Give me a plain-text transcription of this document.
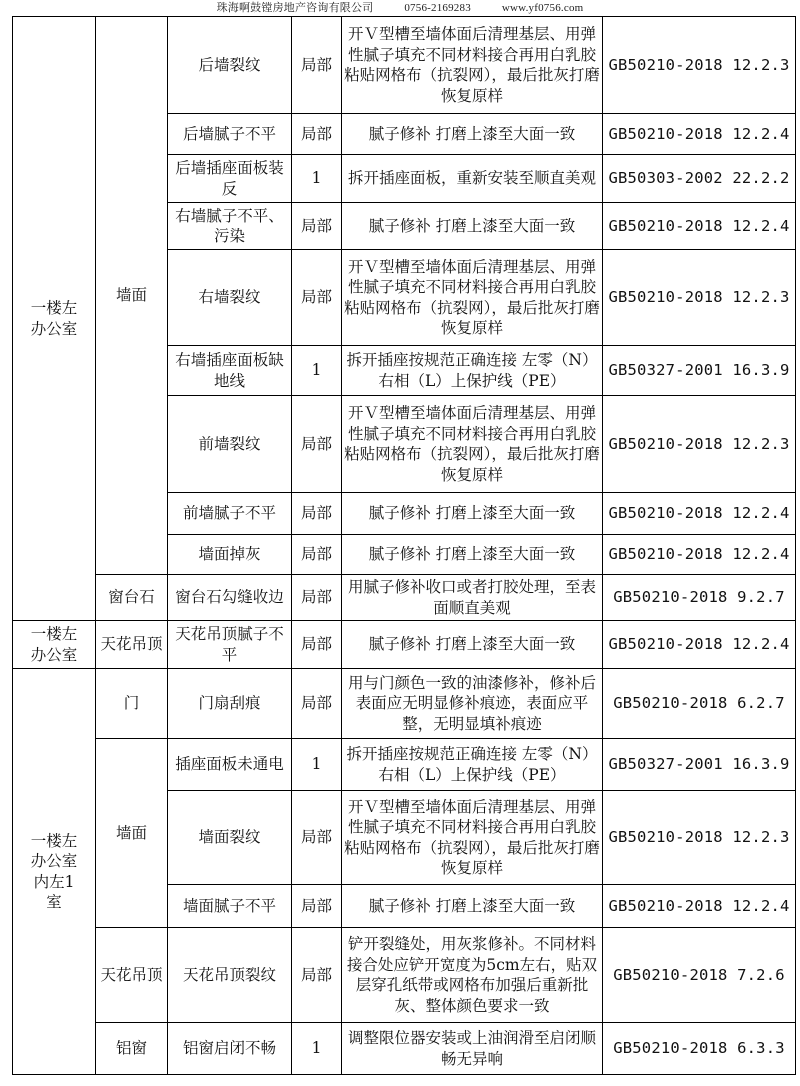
珠海啊鼓镗房地产咨询有限公司	0756-2169283	www.yf0756.com
一楼左办公室	墙面	后墙裂纹	局部	开Ｖ型槽至墙体面后清理基层、用弹性腻子填充不同材料接合再用白乳胶粘贴网格布（抗裂网），最后批灰打磨恢复原样	GB50210-2018 12.2.3
		后墙腻子不平	局部	腻子修补 打磨上漆至大面一致	GB50210-2018 12.2.4
		后墙插座面板装反	1	拆开插座面板，重新安装至顺直美观	GB50303-2002 22.2.2
		右墙腻子不平、污染	局部	腻子修补 打磨上漆至大面一致	GB50210-2018 12.2.4
		右墙裂纹	局部	开Ｖ型槽至墙体面后清理基层、用弹性腻子填充不同材料接合再用白乳胶粘贴网格布（抗裂网），最后批灰打磨恢复原样	GB50210-2018 12.2.3
		右墙插座面板缺地线	1	拆开插座按规范正确连接 左零（N）右相（L）上保护线（PE）	GB50327-2001 16.3.9
		前墙裂纹	局部	开Ｖ型槽至墙体面后清理基层、用弹性腻子填充不同材料接合再用白乳胶粘贴网格布（抗裂网），最后批灰打磨恢复原样	GB50210-2018 12.2.3
		前墙腻子不平	局部	腻子修补 打磨上漆至大面一致	GB50210-2018 12.2.4
		墙面掉灰	局部	腻子修补 打磨上漆至大面一致	GB50210-2018 12.2.4
	窗台石	窗台石勾缝收边	局部	用腻子修补收口或者打胶处理，至表面顺直美观	GB50210-2018 9.2.7
一楼左办公室	天花吊顶	天花吊顶腻子不平	局部	腻子修补 打磨上漆至大面一致	GB50210-2018 12.2.4
一楼左办公室内左1室	门	门扇刮痕	局部	用与门颜色一致的油漆修补，修补后表面应无明显修补痕迹，表面应平整，无明显填补痕迹	GB50210-2018 6.2.7
	墙面	插座面板未通电	1	拆开插座按规范正确连接 左零（N）右相（L）上保护线（PE）	GB50327-2001 16.3.9
		墙面裂纹	局部	开Ｖ型槽至墙体面后清理基层、用弹性腻子填充不同材料接合再用白乳胶粘贴网格布（抗裂网），最后批灰打磨恢复原样	GB50210-2018 12.2.3
		墙面腻子不平	局部	腻子修补 打磨上漆至大面一致	GB50210-2018 12.2.4
	天花吊顶	天花吊顶裂纹	局部	铲开裂缝处，用灰浆修补。不同材料接合处应铲开宽度为5cm左右，贴双层穿孔纸带或网格布加强后重新批灰、整体颜色要求一致	GB50210-2018 7.2.6
	铝窗	铝窗启闭不畅	1	调整限位器安装或上油润滑至启闭顺畅无异响	GB50210-2018 6.3.3
